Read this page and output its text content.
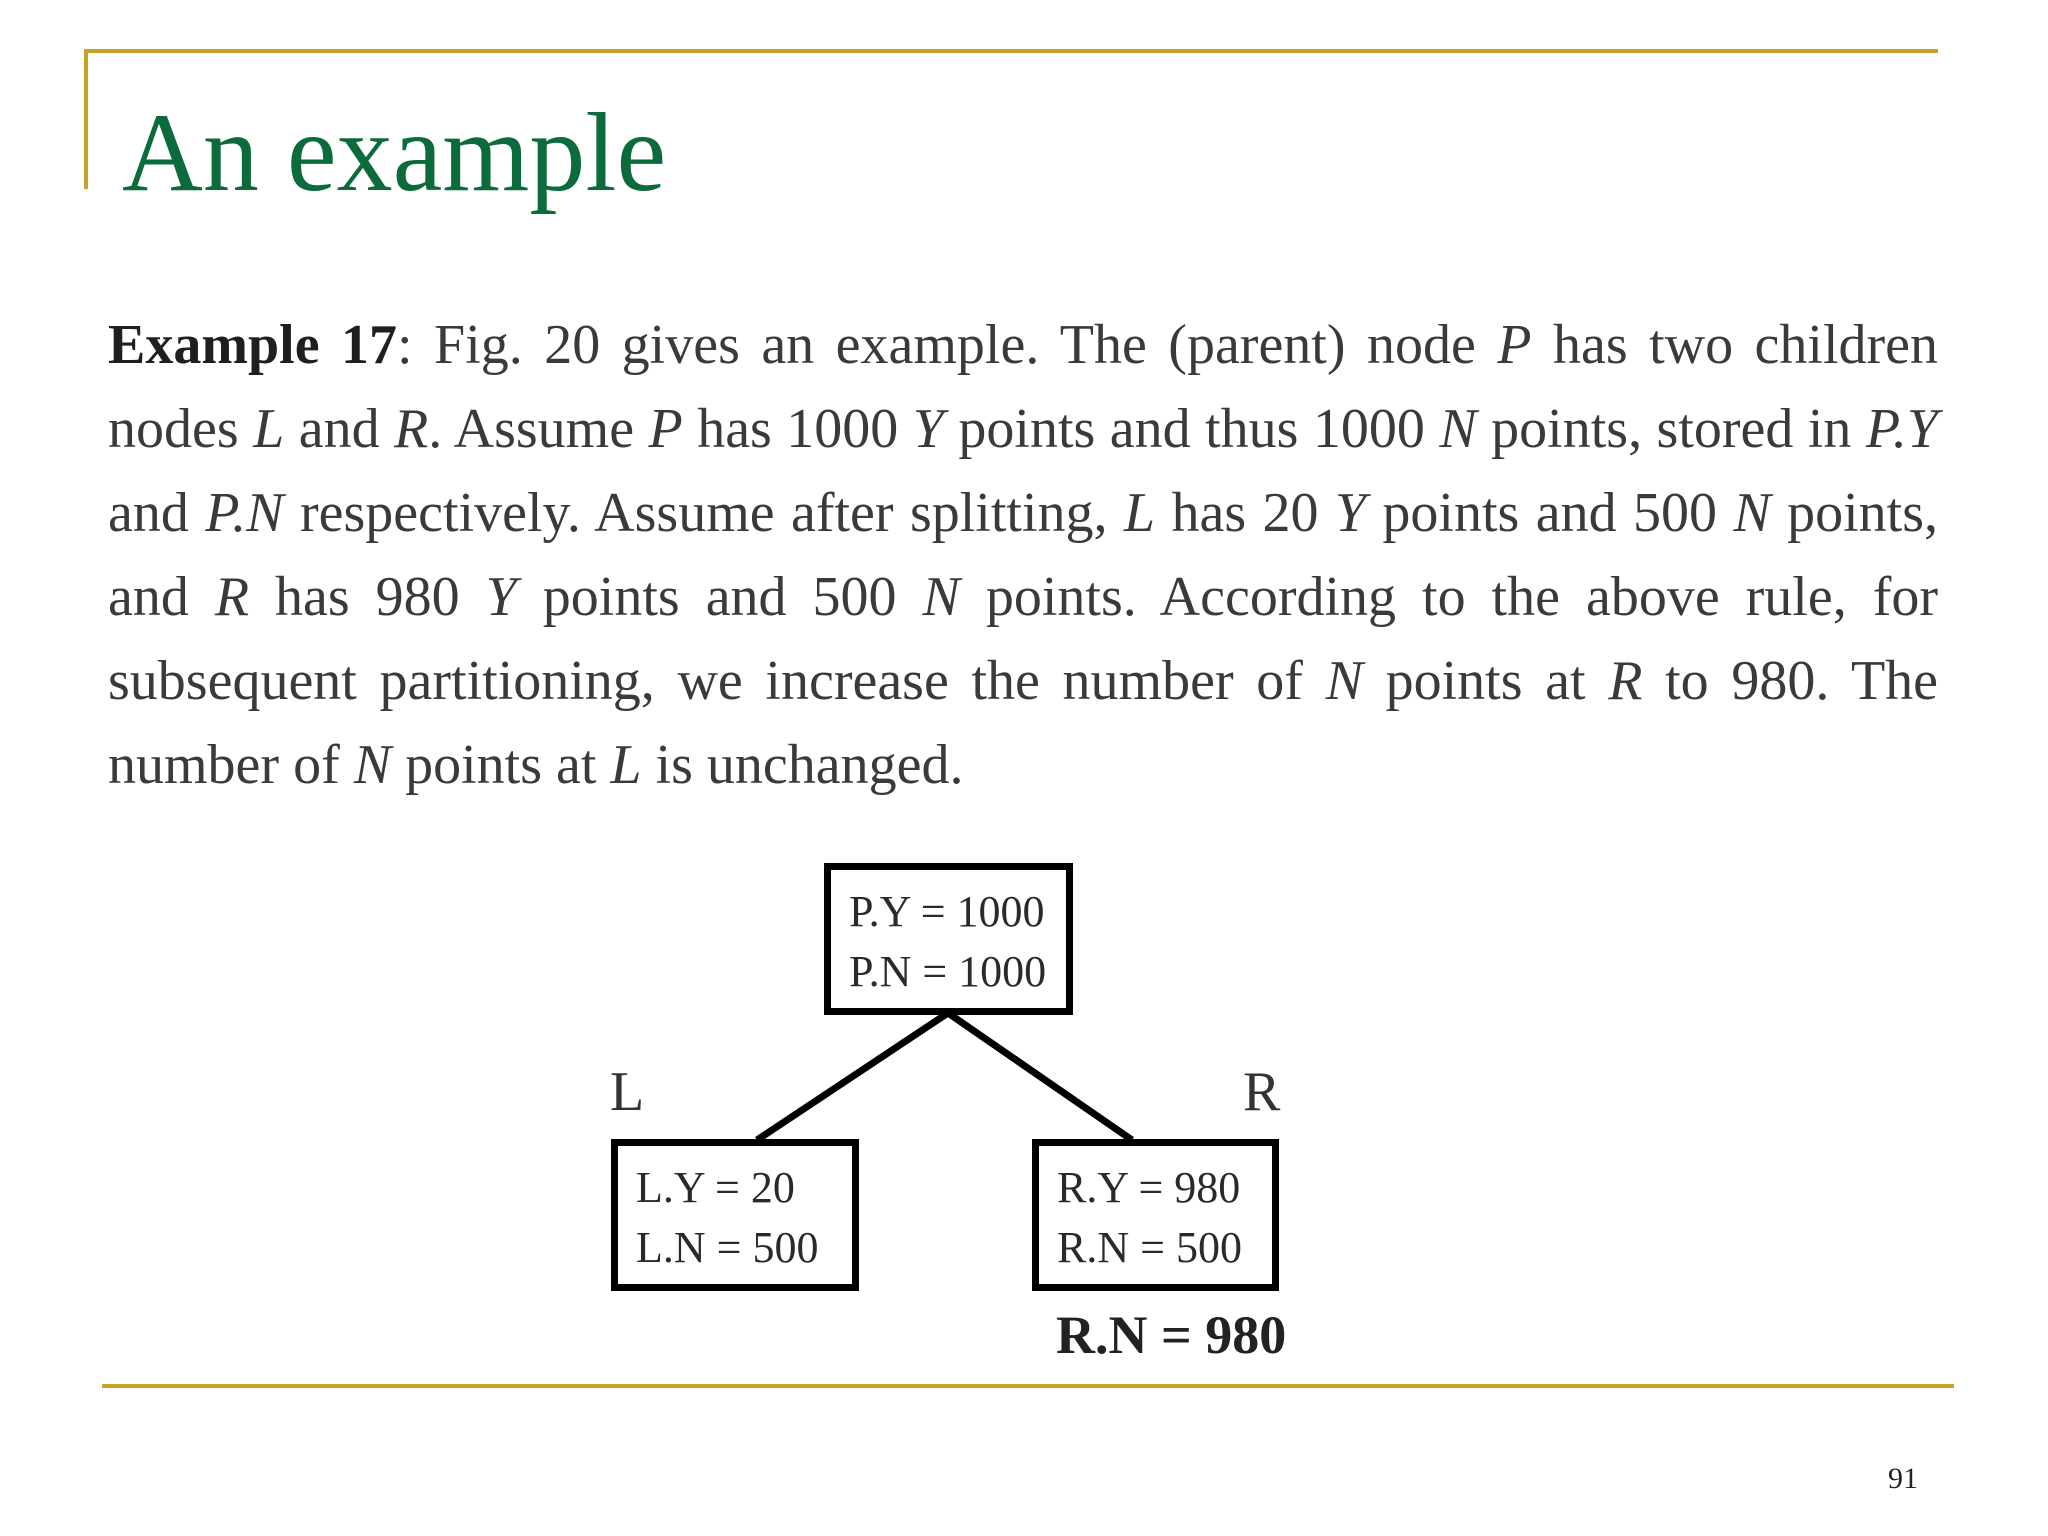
An example
Example 17: Fig. 20 gives an example. The (parent) node P has two children nodes L and R. Assume P has 1000 Y points and thus 1000 N points, stored in P.Y and P.N respectively. Assume after splitting, L has 20 Y points and 500 N points, and R has 980 Y points and 500 N points. According to the above rule, for subsequent partitioning, we increase the number of N points at R to 980. The number of N points at L is unchanged.
P.Y = 1000
P.N = 1000
L	R
L.Y = 20
L.N = 500
R.Y = 980
R.N = 500
R.N = 980
91
